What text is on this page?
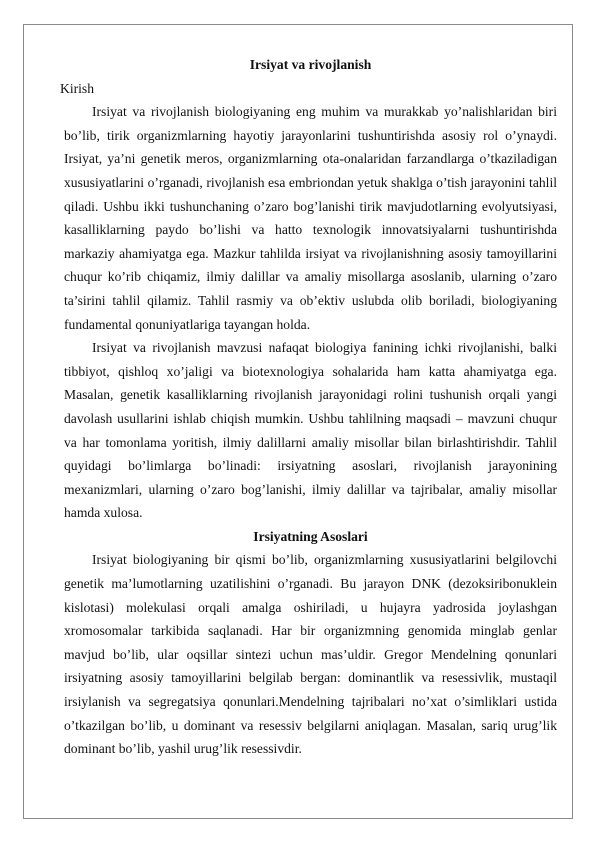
Irsiyat va rivojlanish

Kirish

Irsiyat va rivojlanish biologiyaning eng muhim va murakkab yo’nalishlaridan biri bo’lib, tirik organizmlarning hayotiy jarayonlarini tushuntirishda asosiy rol o’ynaydi. Irsiyat, ya’ni genetik meros, organizmlarning ota-onalaridan farzandlarga o’tkaziladigan xususiyatlarini o’rganadi, rivojlanish esa embriondan yetuk shaklga o’tish jarayonini tahlil qiladi. Ushbu ikki tushunchaning o’zaro bog’lanishi tirik mavjudotlarning evolyutsiyasi, kasalliklarning paydo bo’lishi va hatto texnologik innovatsiyalarni tushuntirishda markaziy ahamiyatga ega. Mazkur tahlilda irsiyat va rivojlanishning asosiy tamoyillarini chuqur ko’rib chiqamiz, ilmiy dalillar va amaliy misollarga asoslanib, ularning o’zaro ta’sirini tahlil qilamiz. Tahlil rasmiy va ob’ektiv uslubda olib boriladi, biologiyaning fundamental qonuniyatlariga tayangan holda.

Irsiyat va rivojlanish mavzusi nafaqat biologiya fanining ichki rivojlanishi, balki tibbiyot, qishloq xo’jaligi va biotexnologiya sohalarida ham katta ahamiyatga ega. Masalan, genetik kasalliklarning rivojlanish jarayonidagi rolini tushunish orqali yangi davolash usullarini ishlab chiqish mumkin. Ushbu tahlilning maqsadi – mavzuni chuqur va har tomonlama yoritish, ilmiy dalillarni amaliy misollar bilan birlashtirishdir. Tahlil quyidagi bo’limlarga bo’linadi: irsiyatning asoslari, rivojlanish jarayonining mexanizmlari, ularning o’zaro bog’lanishi, ilmiy dalillar va tajribalar, amaliy misollar hamda xulosa.

Irsiyatning Asoslari

Irsiyat biologiyaning bir qismi bo’lib, organizmlarning xususiyatlarini belgilovchi genetik ma’lumotlarning uzatilishini o’rganadi. Bu jarayon DNK (dezoksiribonuklein kislotasi) molekulasi orqali amalga oshiriladi, u hujayra yadrosida joylashgan xromosomalar tarkibida saqlanadi. Har bir organizmning genomida minglab genlar mavjud bo’lib, ular oqsillar sintezi uchun mas’uldir. Gregor Mendelning qonunlari irsiyatning asosiy tamoyillarini belgilab bergan: dominantlik va resessivlik, mustaqil irsiylanish va segregatsiya qonunlari.Mendelning tajribalari no’xat o’simliklari ustida o’tkazilgan bo’lib, u dominant va resessiv belgilarni aniqlagan. Masalan, sariq urug’lik dominant bo’lib, yashil urug’lik resessivdir.
